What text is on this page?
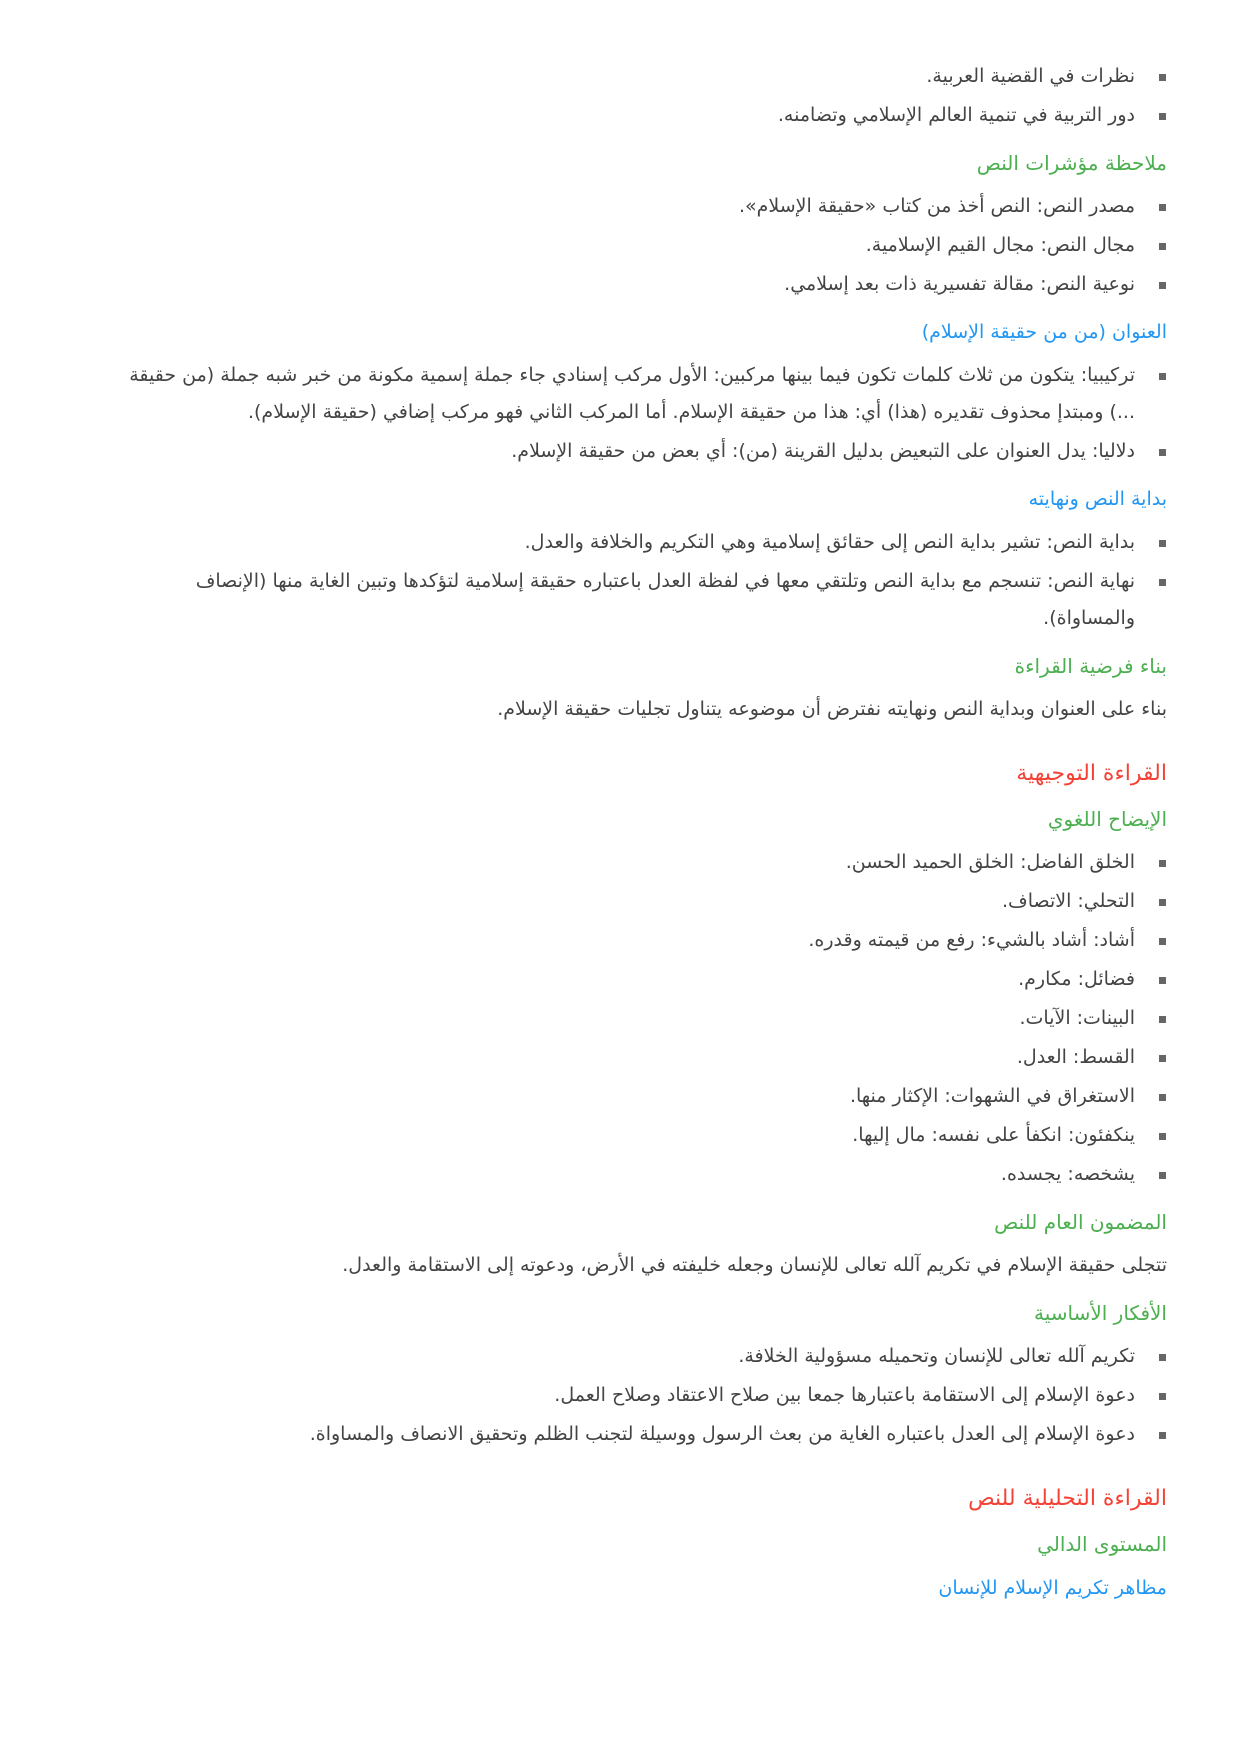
نظرات في القضية العربية.
دور التربية في تنمية العالم الإسلامي وتضامنه.
ملاحظة مؤشرات النص
مصدر النص: النص أخذ من كتاب «حقيقة الإسلام».
مجال النص: مجال القيم الإسلامية.
نوعية النص: مقالة تفسيرية ذات بعد إسلامي.
العنوان (من من حقيقة الإسلام)
تركيبيا: يتكون من ثلاث كلمات تكون فيما بينها مركبين: الأول مركب إسنادي جاء جملة إسمية مكونة من خبر شبه جملة (من حقيقة ...) ومبتدإ محذوف تقديره (هذا) أي: هذا من حقيقة الإسلام. أما المركب الثاني فهو مركب إضافي (حقيقة الإسلام).
دلاليا: يدل العنوان على التبعيض بدليل القرينة (من): أي بعض من حقيقة الإسلام.
بداية النص ونهايته
بداية النص: تشير بداية النص إلى حقائق إسلامية وهي التكريم والخلافة والعدل.
نهاية النص: تنسجم مع بداية النص وتلتقي معها في لفظة العدل باعتباره حقيقة إسلامية لتؤكدها وتبين الغاية منها (الإنصاف والمساواة).
بناء فرضية القراءة

بناء على العنوان وبداية النص ونهايته نفترض أن موضوعه يتناول تجليات حقيقة الإسلام.

القراءة التوجيهية
الإيضاح اللغوي
الخلق الفاضل: الخلق الحميد الحسن.
التحلي: الاتصاف.
أشاد: أشاد بالشيء: رفع من قيمته وقدره.
فضائل: مكارم.
البينات: الآيات.
القسط: العدل.
الاستغراق في الشهوات: الإكثار منها.
ينكفئون: انكفأ على نفسه: مال إليها.
يشخصه: يجسده.
المضمون العام للنص

تتجلى حقيقة الإسلام في تكريم آلله تعالى للإنسان وجعله خليفته في الأرض، ودعوته إلى الاستقامة والعدل.

الأفكار الأساسية
تكريم آلله تعالى للإنسان وتحميله مسؤولية الخلافة.
دعوة الإسلام إلى الاستقامة باعتبارها جمعا بين صلاح الاعتقاد وصلاح العمل.
دعوة الإسلام إلى العدل باعتباره الغاية من بعث الرسول ووسيلة لتجنب الظلم وتحقيق الانصاف والمساواة.
القراءة التحليلية للنص
المستوى الدالي
مظاهر تكريم الإسلام للإنسان
